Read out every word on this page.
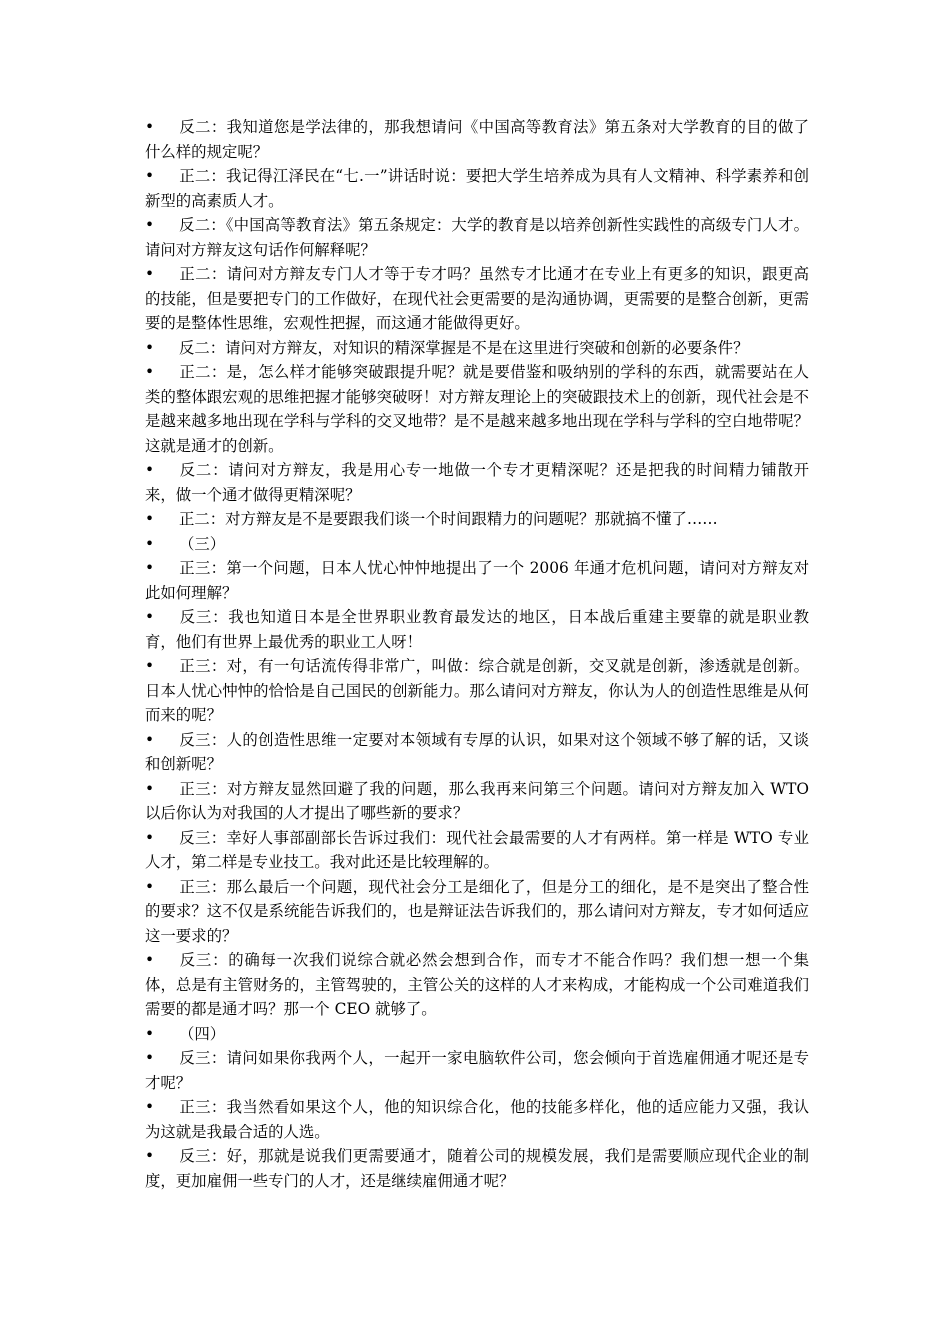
• 反二：我知道您是学法律的，那我想请问《中国高等教育法》第五条对大学教育的目的做了什么样的规定呢？

• 正二：我记得江泽民在“七.一”讲话时说：要把大学生培养成为具有人文精神、科学素养和创新型的高素质人才。

• 反二：《中国高等教育法》第五条规定：大学的教育是以培养创新性实践性的高级专门人才。请问对方辩友这句话作何解释呢？

• 正二：请问对方辩友专门人才等于专才吗？虽然专才比通才在专业上有更多的知识，跟更高的技能，但是要把专门的工作做好，在现代社会更需要的是沟通协调，更需要的是整合创新，更需要的是整体性思维，宏观性把握，而这通才能做得更好。

• 反二：请问对方辩友，对知识的精深掌握是不是在这里进行突破和创新的必要条件？

• 正二：是，怎么样才能够突破跟提升呢？就是要借鉴和吸纳别的学科的东西，就需要站在人类的整体跟宏观的思维把握才能够突破呀！对方辩友理论上的突破跟技术上的创新，现代社会是不是越来越多地出现在学科与学科的交叉地带？是不是越来越多地出现在学科与学科的空白地带呢？这就是通才的创新。

• 反二：请问对方辩友，我是用心专一地做一个专才更精深呢？还是把我的时间精力铺散开来，做一个通才做得更精深呢？

• 正二：对方辩友是不是要跟我们谈一个时间跟精力的问题呢？那就搞不懂了……

• （三）

• 正三：第一个问题，日本人忧心忡忡地提出了一个 2006 年通才危机问题，请问对方辩友对此如何理解？

• 反三：我也知道日本是全世界职业教育最发达的地区，日本战后重建主要靠的就是职业教育，他们有世界上最优秀的职业工人呀！

• 正三：对，有一句话流传得非常广，叫做：综合就是创新，交叉就是创新，渗透就是创新。日本人忧心忡忡的恰恰是自己国民的创新能力。那么请问对方辩友，你认为人的创造性思维是从何而来的呢？

• 反三：人的创造性思维一定要对本领域有专厚的认识，如果对这个领域不够了解的话，又谈和创新呢？

• 正三：对方辩友显然回避了我的问题，那么我再来问第三个问题。请问对方辩友加入 WTO 以后你认为对我国的人才提出了哪些新的要求？

• 反三：幸好人事部副部长告诉过我们：现代社会最需要的人才有两样。第一样是 WTO 专业人才，第二样是专业技工。我对此还是比较理解的。

• 正三：那么最后一个问题，现代社会分工是细化了，但是分工的细化，是不是突出了整合性的要求？这不仅是系统能告诉我们的，也是辩证法告诉我们的，那么请问对方辩友，专才如何适应这一要求的？

• 反三：的确每一次我们说综合就必然会想到合作，而专才不能合作吗？我们想一想一个集体，总是有主管财务的，主管驾驶的，主管公关的这样的人才来构成，才能构成一个公司难道我们需要的都是通才吗？那一个 CEO 就够了。

• （四）

• 反三：请问如果你我两个人，一起开一家电脑软件公司，您会倾向于首选雇佣通才呢还是专才呢？

• 正三：我当然看如果这个人，他的知识综合化，他的技能多样化，他的适应能力又强，我认为这就是我最合适的人选。

• 反三：好，那就是说我们更需要通才，随着公司的规模发展，我们是需要顺应现代企业的制度，更加雇佣一些专门的人才，还是继续雇佣通才呢？
